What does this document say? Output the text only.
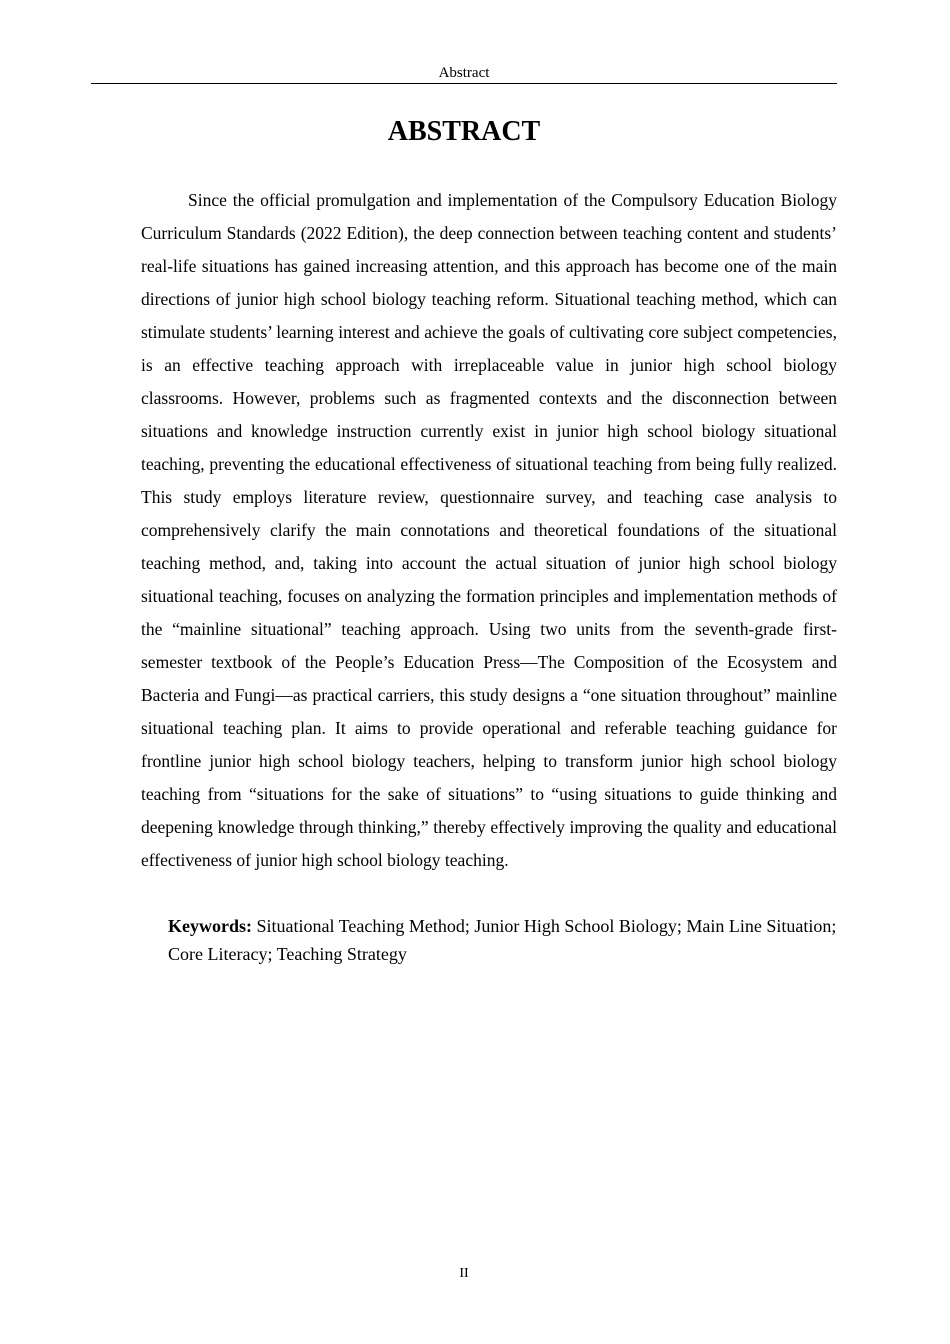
Abstract
ABSTRACT

Since the official promulgation and implementation of the Compulsory Education Biology Curriculum Standards (2022 Edition), the deep connection between teaching content and students’ real-life situations has gained increasing attention, and this approach has become one of the main directions of junior high school biology teaching reform. Situational teaching method, which can stimulate students’ learning interest and achieve the goals of cultivating core subject competencies, is an effective teaching approach with irreplaceable value in junior high school biology classrooms. However, problems such as fragmented contexts and the disconnection between situations and knowledge instruction currently exist in junior high school biology situational teaching, preventing the educational effectiveness of situational teaching from being fully realized. This study employs literature review, questionnaire survey, and teaching case analysis to comprehensively clarify the main connotations and theoretical foundations of the situational teaching method, and, taking into account the actual situation of junior high school biology situational teaching, focuses on analyzing the formation principles and implementation methods of the “mainline situational” teaching approach. Using two units from the seventh-grade first-semester textbook of the People’s Education Press—The Composition of the Ecosystem and Bacteria and Fungi—as practical carriers, this study designs a “one situation throughout” mainline situational teaching plan. It aims to provide operational and referable teaching guidance for frontline junior high school biology teachers, helping to transform junior high school biology teaching from “situations for the sake of situations” to “using situations to guide thinking and deepening knowledge through thinking,” thereby effectively improving the quality and educational effectiveness of junior high school biology teaching.

Keywords: Situational Teaching Method; Junior High School Biology; Main Line Situation; Core Literacy; Teaching Strategy

II
